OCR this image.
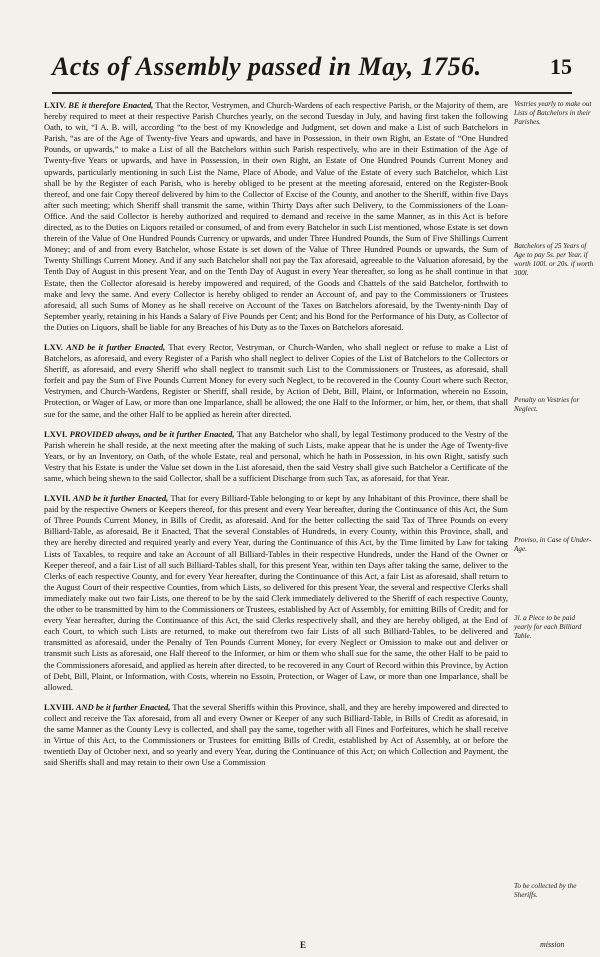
Acts of Assembly passed in May, 1756.	15

LXIV. BE it therefore Enacted, That the Rector, Vestrymen, and Church-Wardens of each respective Parish, or the Majority of them, are hereby required to meet at their respective Parish Churches yearly, on the second Tuesday in July, and having first taken the following Oath, to wit, “I A. B. will, according “to the best of my Knowledge and Judgment, set down and make a List of such Batchelors in Parish, “as are of the Age of Twenty-five Years and upwards, and have in Possession, in their own Right, an Estate of “One Hundred Pounds, or upwards,” to make a List of all the Batchelors within such Parish respectively, who are in their Estimation of the Age of Twenty-five Years or upwards, and have in Possession, in their own Right, an Estate of One Hundred Pounds Current Money and upwards, particularly mentioning in such List the Name, Place of Abode, and Value of the Estate of every such Batchelor, which List shall be by the Register of each Parish, who is hereby obliged to be present at the meeting aforesaid, entered on the Register-Book thereof, and one fair Copy thereof delivered by him to the Collector of Excise of the County, and another to the Sheriff, within five Days after such meeting; which Sheriff shall transmit the same, within Thirty Days after such Delivery, to the Commissioners of the Loan-Office. And the said Collector is hereby authorized and required to demand and receive in the same Manner, as in this Act is before directed, as to the Duties on Liquors retailed or consumed, of and from every Batchelor in such List mentioned, whose Estate is set down therein of the Value of One Hundred Pounds Currency or upwards, and under Three Hundred Pounds, the Sum of Five Shillings Current Money; and of and from every Batchelor, whose Estate is set down of the Value of Three Hundred Pounds or upwards, the Sum of Twenty Shillings Current Money. And if any such Batchelor shall not pay the Tax aforesaid, agreeable to the Valuation aforesaid, by the Tenth Day of August in this present Year, and on the Tenth Day of August in every Year thereafter, so long as he shall continue in that Estate, then the Collector aforesaid is hereby impowered and required, of the Goods and Chattels of the said Batchelor, forthwith to make and levy the same. And every Collector is hereby obliged to render an Account of, and pay to the Commissioners or Trustees aforesaid, all such Sums of Money as he shall receive on Account of the Taxes on Batchelors aforesaid, by the Twenty-ninth Day of September yearly, retaining in his Hands a Salary of Five Pounds per Cent; and his Bond for the Performance of his Duty, as Collector of the Duties on Liquors, shall be liable for any Breaches of his Duty as to the Taxes on Batchelors aforesaid.

LXV. AND be it further Enacted, That every Rector, Vestryman, or Church-Warden, who shall neglect or refuse to make a List of Batchelors, as aforesaid, and every Register of a Parish who shall neglect to deliver Copies of the List of Batchelors to the Collectors or Sheriff, as aforesaid, and every Sheriff who shall neglect to transmit such List to the Commissioners or Trustees, as aforesaid, shall forfeit and pay the Sum of Five Pounds Current Money for every such Neglect, to be recovered in the County Court where such Rector, Vestrymen, and Church-Wardens, Register or Sheriff, shall reside, by Action of Debt, Bill, Plaint, or Information, wherein no Essoin, Protection, or Wager of Law, or more than one Imparlance, shall be allowed; the one Half to the Informer, or him, her, or them, that shall sue for the same, and the other Half to be applied as herein after directed.

LXVI. PROVIDED always, and be it further Enacted, That any Batchelor who shall, by legal Testimony produced to the Vestry of the Parish wherein he shall reside, at the next meeting after the making of such Lists, make appear that he is under the Age of Twenty-five Years, or by an Inventory, on Oath, of the whole Estate, real and personal, which he hath in Possession, in his own Right, satisfy such Vestry that his Estate is under the Value set down in the List aforesaid, then the said Vestry shall give such Batchelor a Certificate of the same, which being shewn to the said Collector, shall be a sufficient Discharge from such Tax, as aforesaid, for that Year.

LXVII. AND be it further Enacted, That for every Billiard-Table belonging to or kept by any Inhabitant of this Province, there shall be paid by the respective Owners or Keepers thereof, for this present and every Year hereafter, during the Continuance of this Act, the Sum of Three Pounds Current Money, in Bills of Credit, as aforesaid. And for the better collecting the said Tax of Three Pounds on every Billiard-Table, as aforesaid, Be it Enacted, That the several Constables of Hundreds, in every County, within this Province, shall, and they are hereby directed and required yearly and every Year, during the Continuance of this Act, by the Time limited by Law for taking Lists of Taxables, to require and take an Account of all Billiard-Tables in their respective Hundreds, under the Hand of the Owner or Keeper thereof, and a fair List of all such Billiard-Tables shall, for this present Year, within ten Days after taking the same, deliver to the Clerks of each respective County, and for every Year hereafter, during the Continuance of this Act, a fair List as aforesaid, shall return to the August Court of their respective Counties, from which Lists, so delivered for this present Year, the several and respective Clerks shall immediately make out two fair Lists, one thereof to be by the said Clerk immediately delivered to the Sheriff of each respective County, the other to be transmitted by him to the Commissioners or Trustees, established by Act of Assembly, for emitting Bills of Credit; and for every Year hereafter, during the Continuance of this Act, the said Clerks respectively shall, and they are hereby obliged, at the End of each Court, to which such Lists are returned, to make out therefrom two fair Lists of all such Billiard-Tables, to be delivered and transmitted as aforesaid, under the Penalty of Ten Pounds Current Money, for every Neglect or Omission to make out and deliver or transmit such Lists as aforesaid, one Half thereof to the Informer, or him or them who shall sue for the same, the other Half to be paid to the Commissioners aforesaid, and applied as herein after directed, to be recovered in any Court of Record within this Province, by Action of Debt, Bill, Plaint, or Information, with Costs, wherein no Essoin, Protection, or Wager of Law, or more than one Imparlance, shall be allowed.

LXVIII. AND be it further Enacted, That the several Sheriffs within this Province, shall, and they are hereby impowered and directed to collect and receive the Tax aforesaid, from all and every Owner or Keeper of any such Billiard-Table, in Bills of Credit as aforesaid, in the same Manner as the County Levy is collected, and shall pay the same, together with all Fines and Forfeitures, which he shall receive in Virtue of this Act, to the Commissioners or Trustees for emitting Bills of Credit, established by Act of Assembly, at or before the twentieth Day of October next, and so yearly and every Year, during the Continuance of this Act; on which Collection and Payment, the said Sheriffs shall and may retain to their own Use a Commission

Vestries yearly to make out Lists of Batchelors in their Parishes.
Batchelors of 25 Years of Age to pay 5s. per Year, if worth 100l. or 20s. if worth 300l.
Penalty on Vestries for Neglect.
Proviso, in Case of Under-Age.
3l. a Piece to be paid yearly for each Billiard Table.
To be collected by the Sheriffs.
E	mission
